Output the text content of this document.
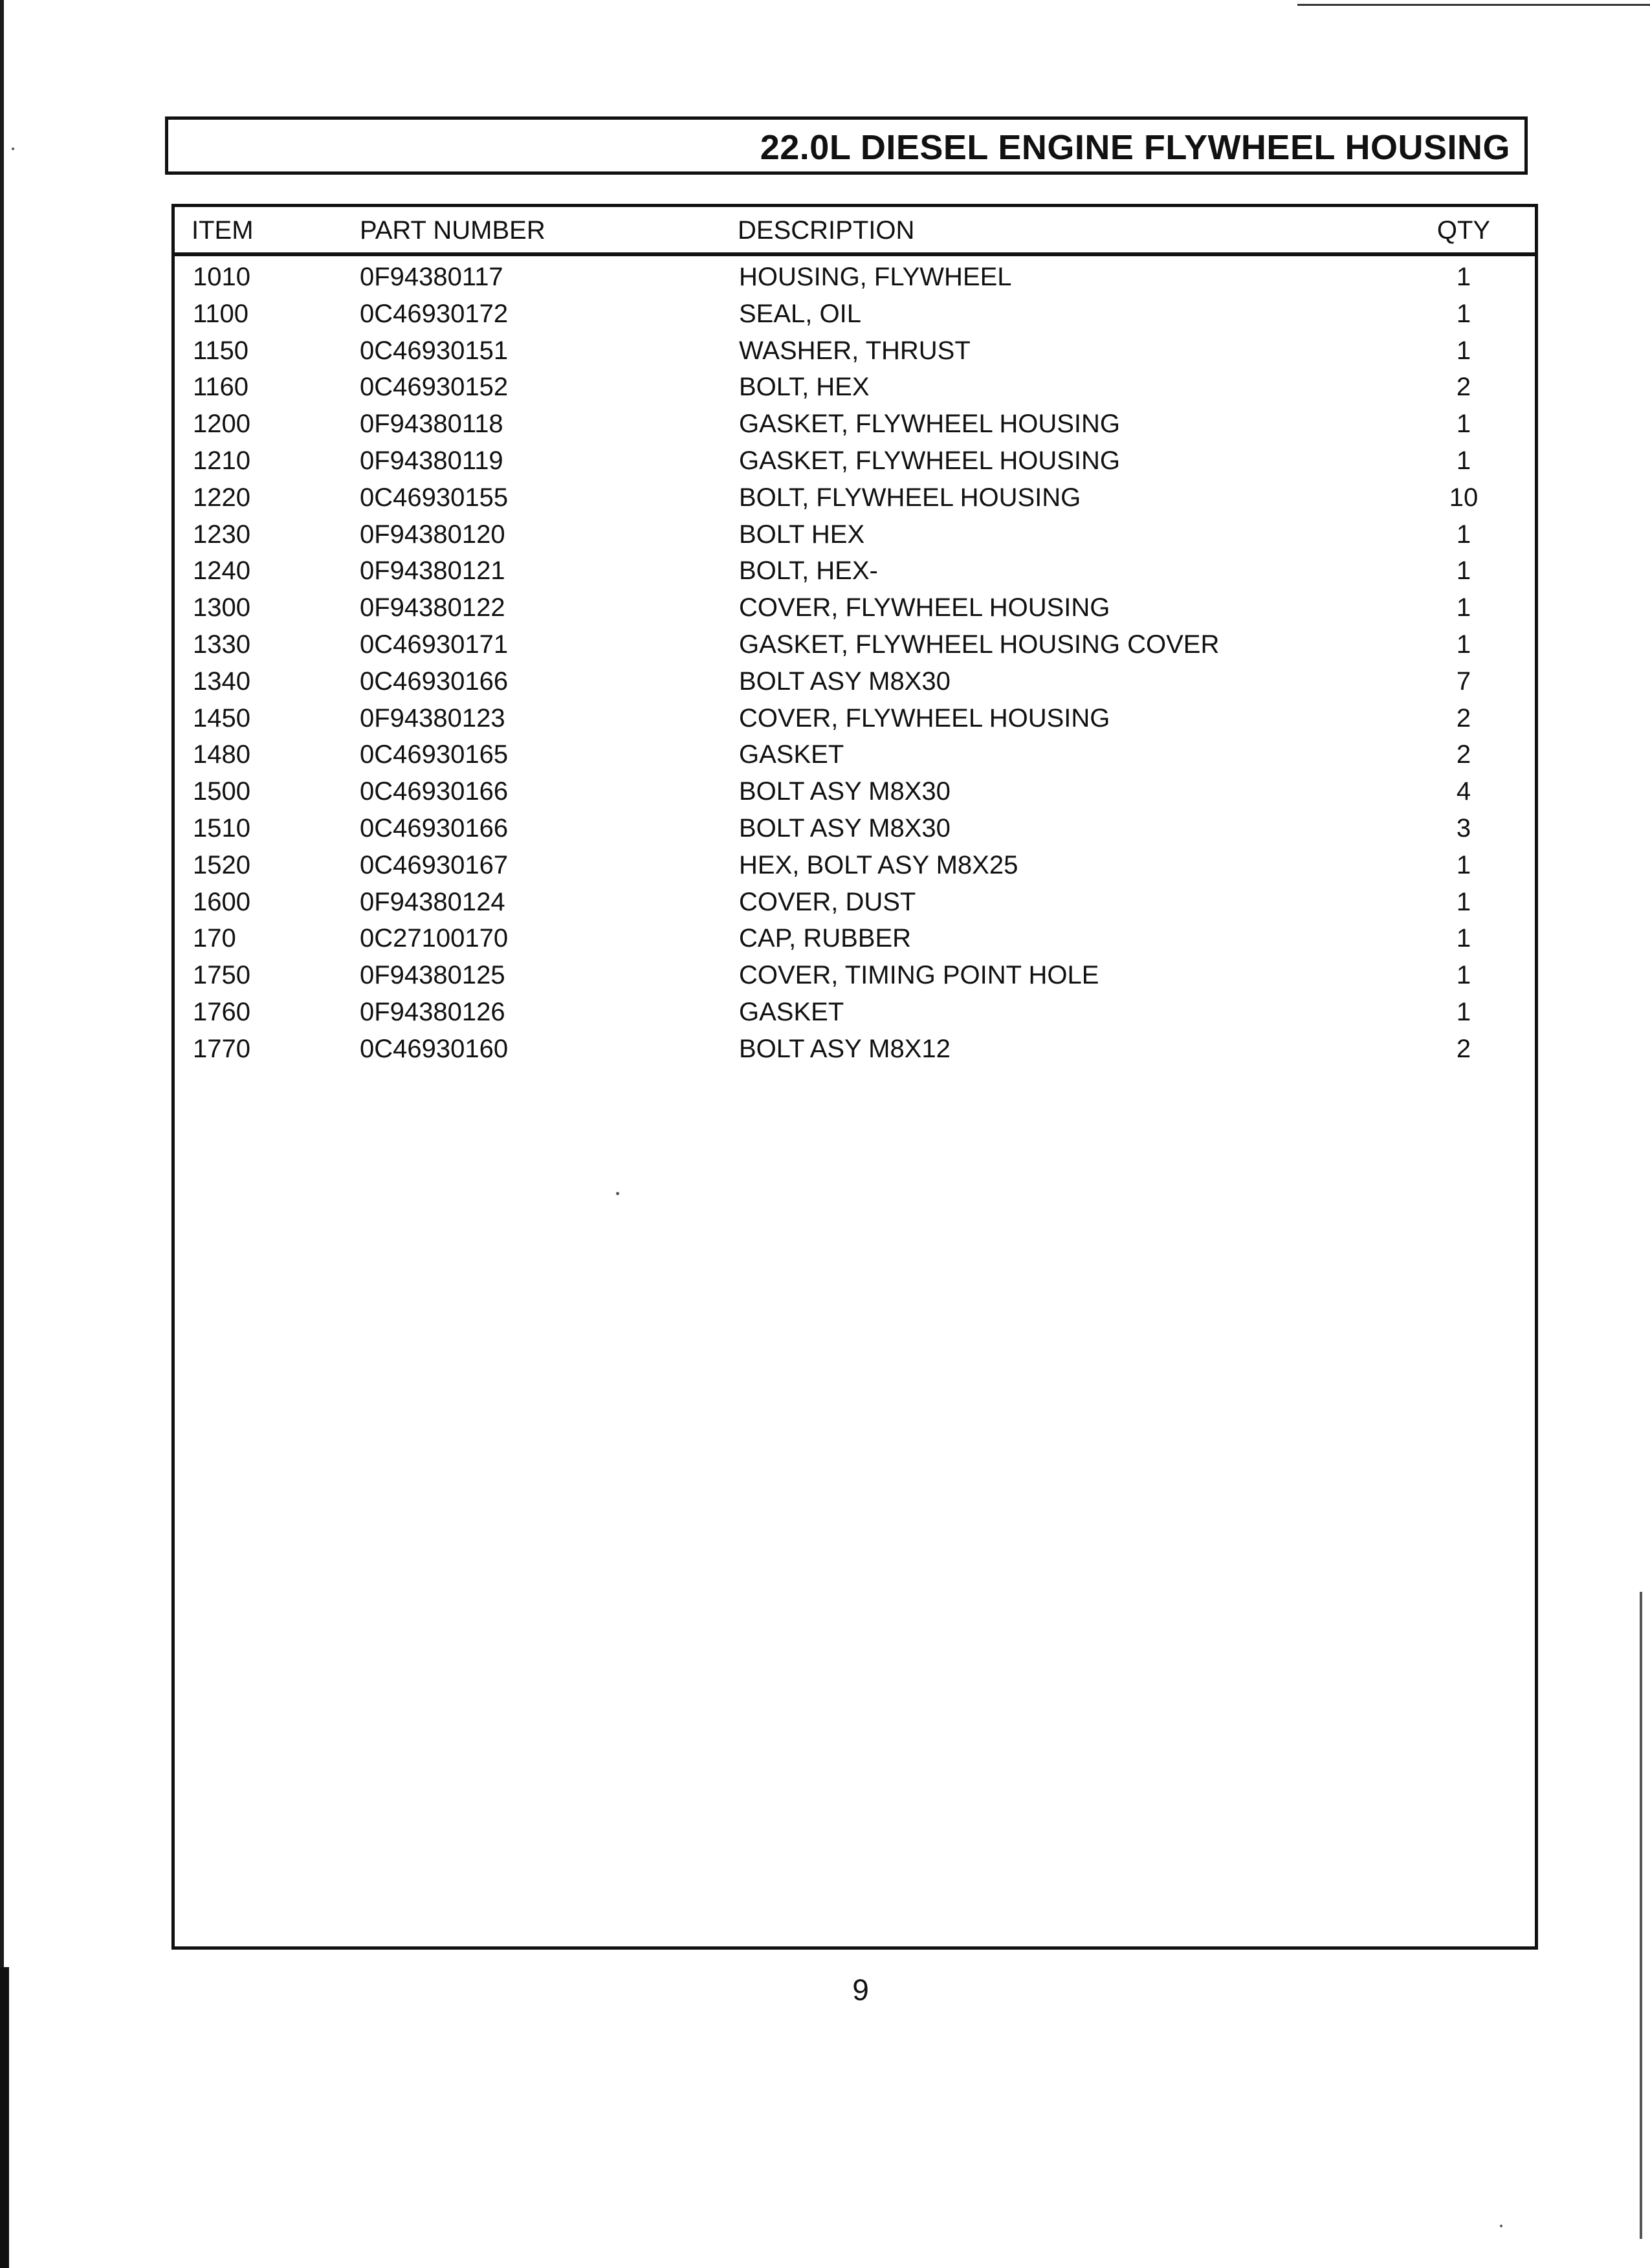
22.0L DIESEL ENGINE FLYWHEEL HOUSING
ITEM	PART NUMBER	DESCRIPTION	QTY
1010	0F94380117	HOUSING, FLYWHEEL	1
1100	0C46930172	SEAL, OIL	1
1150	0C46930151	WASHER, THRUST	1
1160	0C46930152	BOLT, HEX	2
1200	0F94380118	GASKET, FLYWHEEL HOUSING	1
1210	0F94380119	GASKET, FLYWHEEL HOUSING	1
1220	0C46930155	BOLT, FLYWHEEL HOUSING	10
1230	0F94380120	BOLT HEX	1
1240	0F94380121	BOLT, HEX-	1
1300	0F94380122	COVER, FLYWHEEL HOUSING	1
1330	0C46930171	GASKET, FLYWHEEL HOUSING COVER	1
1340	0C46930166	BOLT ASY M8X30	7
1450	0F94380123	COVER, FLYWHEEL HOUSING	2
1480	0C46930165	GASKET	2
1500	0C46930166	BOLT ASY M8X30	4
1510	0C46930166	BOLT ASY M8X30	3
1520	0C46930167	HEX, BOLT ASY M8X25	1
1600	0F94380124	COVER, DUST	1
170	0C27100170	CAP, RUBBER	1
1750	0F94380125	COVER, TIMING POINT HOLE	1
1760	0F94380126	GASKET	1
1770	0C46930160	BOLT ASY M8X12	2
9
